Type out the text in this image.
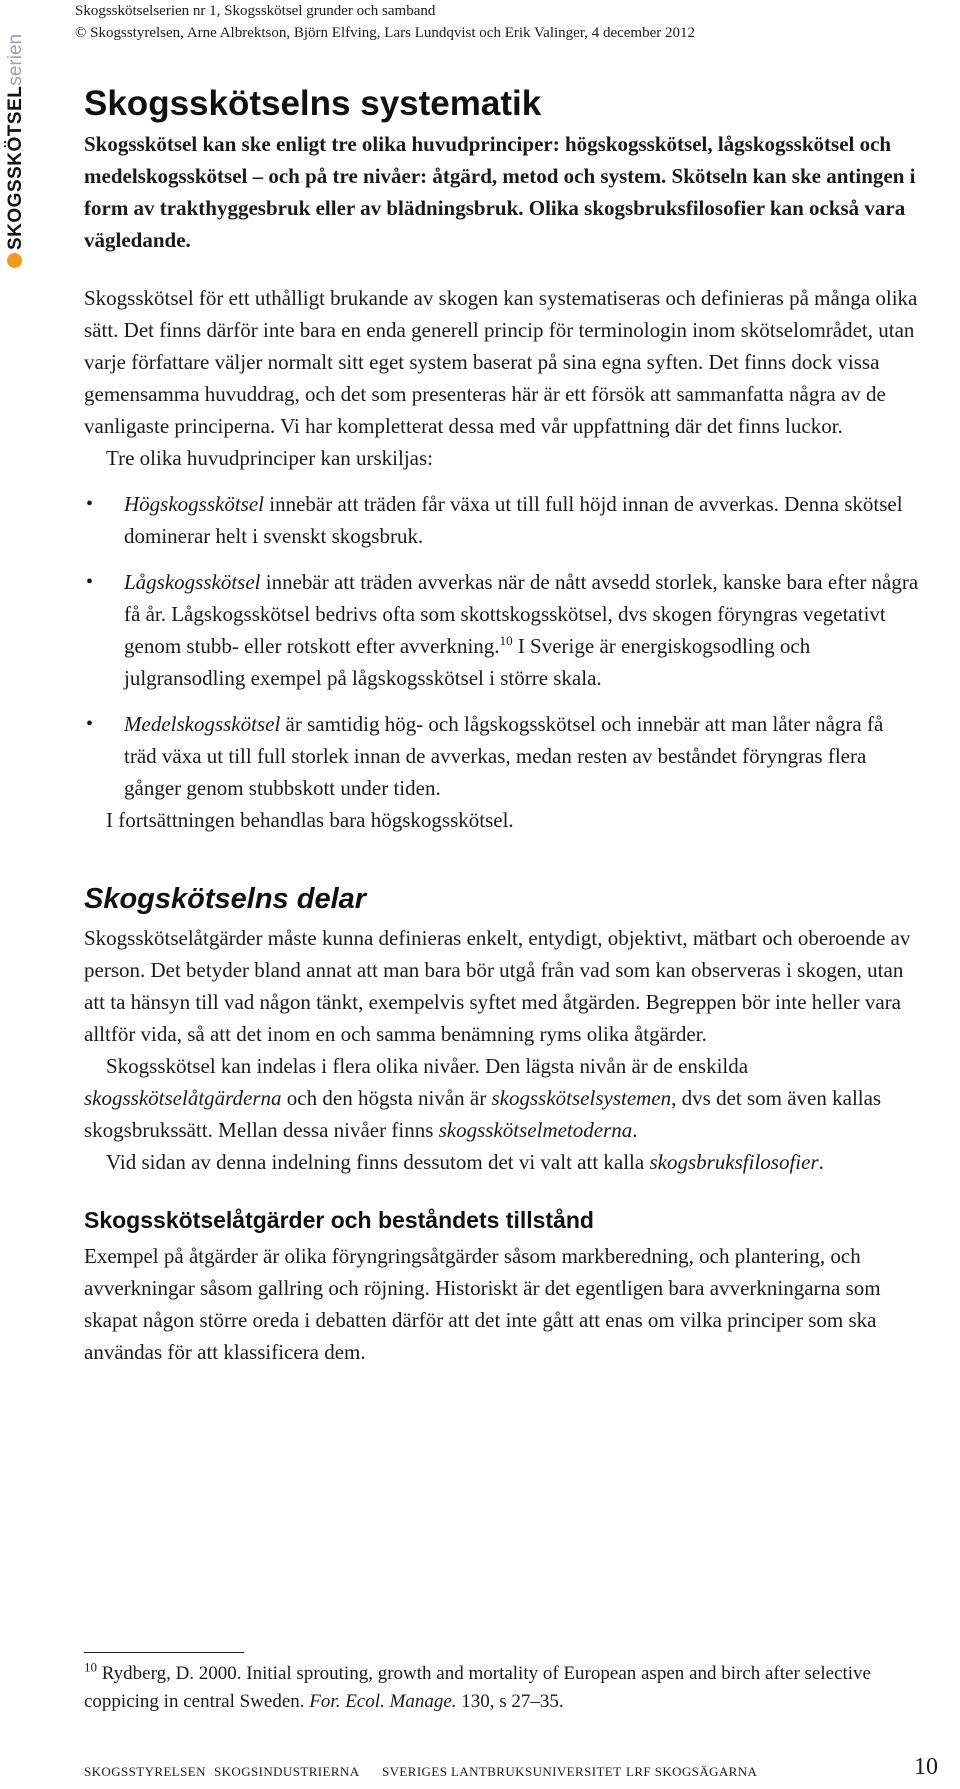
SKOGSSKÖTSELserien
Skogsskötselserien nr 1, Skogsskötsel grunder och samband
© Skogsstyrelsen, Arne Albrektson, Björn Elfving, Lars Lundqvist och Erik Valinger, 4 december 2012
Skogsskötselns systematik

Skogsskötsel kan ske enligt tre olika huvudprinciper: högskogsskötsel, lågskogsskötsel och medelskogsskötsel – och på tre nivåer: åtgärd, metod och system. Skötseln kan ske antingen i form av trakthyggesbruk eller av blädningsbruk. Olika skogsbruksfilosofier kan också vara vägledande.

Skogsskötsel för ett uthålligt brukande av skogen kan systematiseras och definieras på många olika sätt. Det finns därför inte bara en enda generell princip för terminologin inom skötselområdet, utan varje författare väljer normalt sitt eget system baserat på sina egna syften. Det finns dock vissa gemensamma huvuddrag, och det som presenteras här är ett försök att sammanfatta några av de vanligaste principerna. Vi har kompletterat dessa med vår uppfattning där det finns luckor.

Tre olika huvudprinciper kan urskiljas:

• Högskogsskötsel innebär att träden får växa ut till full höjd innan de avverkas. Denna skötsel dominerar helt i svenskt skogsbruk.
• Lågskogsskötsel innebär att träden avverkas när de nått avsedd storlek, kanske bara efter några få år. Lågskogsskötsel bedrivs ofta som skottskogsskötsel, dvs skogen föryngras vegetativt genom stubb- eller rotskott efter avverkning.$^{10}$ I Sverige är energiskogsodling och julgransodling exempel på lågskogsskötsel i större skala.
• Medelskogsskötsel är samtidig hög- och lågskogsskötsel och innebär att man låter några få träd växa ut till full storlek innan de avverkas, medan resten av beståndet föryngras flera gånger genom stubbskott under tiden.

I fortsättningen behandlas bara högskogsskötsel.

Skogskötselns delar

Skogsskötselåtgärder måste kunna definieras enkelt, entydigt, objektivt, mätbart och oberoende av person. Det betyder bland annat att man bara bör utgå från vad som kan observeras i skogen, utan att ta hänsyn till vad någon tänkt, exempelvis syftet med åtgärden. Begreppen bör inte heller vara alltför vida, så att det inom en och samma benämning ryms olika åtgärder.

Skogsskötsel kan indelas i flera olika nivåer. Den lägsta nivån är de enskilda skogsskötselåtgärderna och den högsta nivån är skogsskötselsystemen, dvs det som även kallas skogsbrukssätt. Mellan dessa nivåer finns skogsskötselmetoderna.

Vid sidan av denna indelning finns dessutom det vi valt att kalla skogsbruksfilosofier.

Skogsskötselåtgärder och beståndets tillstånd

Exempel på åtgärder är olika föryngringsåtgärder såsom markberedning, och plantering, och avverkningar såsom gallring och röjning. Historiskt är det egentligen bara avverkningarna som skapat någon större oreda i debatten därför att det inte gått att enas om vilka principer som ska användas för att klassificera dem.

$^{10}$ Rydberg, D. 2000. Initial sprouting, growth and mortality of European aspen and birch after selective coppicing in central Sweden. For. Ecol. Manage. 130, s 27–35.
SKOGSSTYRELSEN SKOGSINDUSTRIERNA SVERIGES LANTBRUKSUNIVERSITET LRF SKOGSÄGARNA	10
